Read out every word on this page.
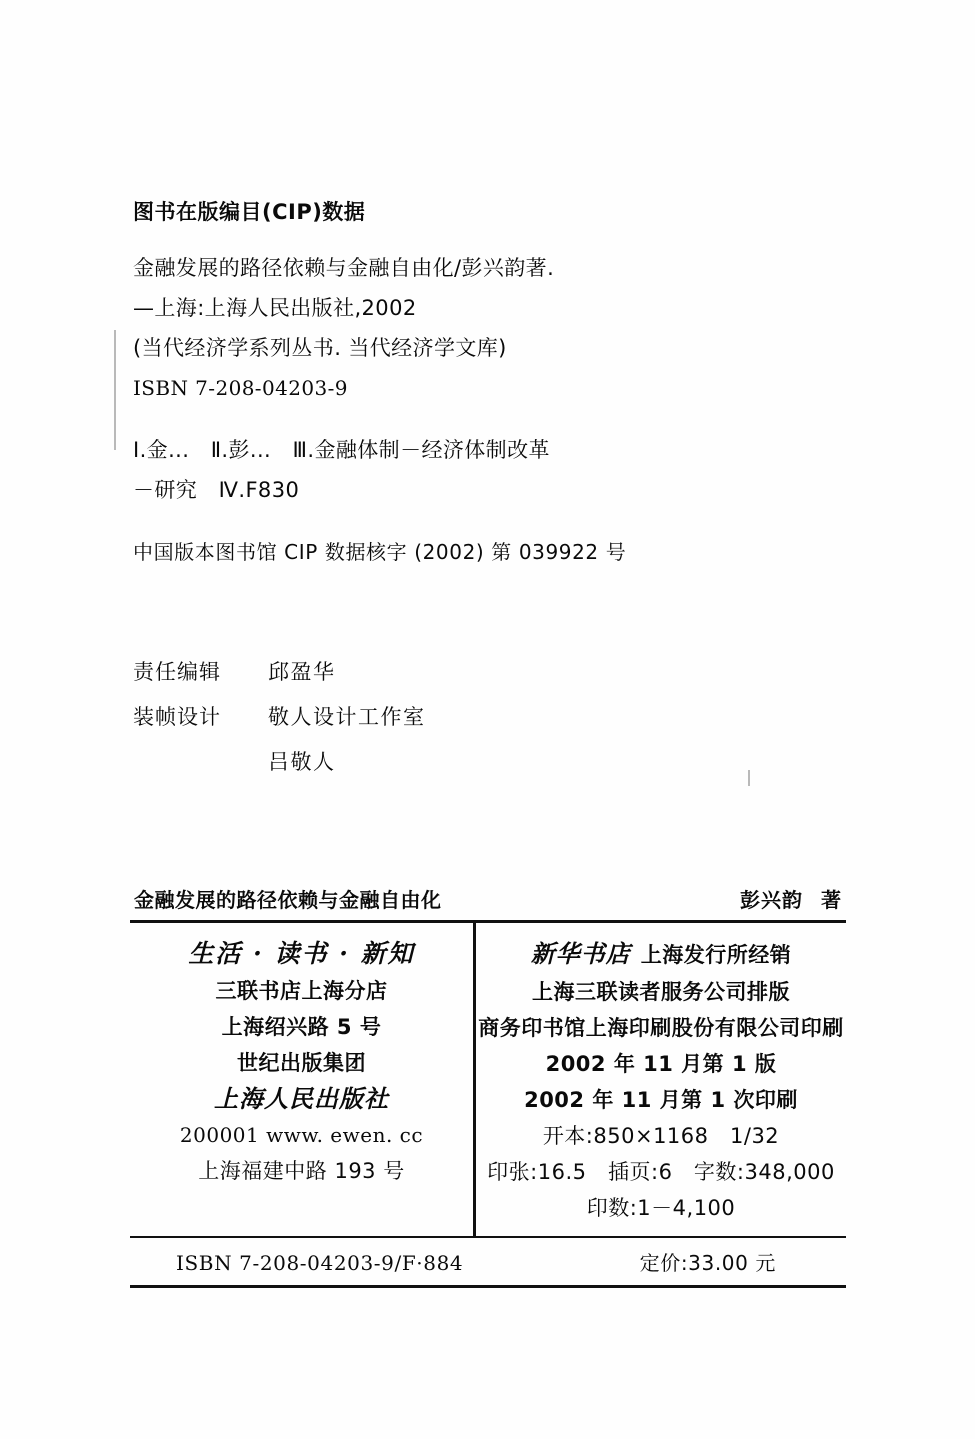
图书在版编目(CIP)数据
金融发展的路径依赖与金融自由化/彭兴韵著.
—上海:上海人民出版社,2002
(当代经济学系列丛书. 当代经济学文库)
ISBN 7-208-04203-9
Ⅰ.金...　Ⅱ.彭...　Ⅲ.金融体制－经济体制改革
－研究　Ⅳ.F830
中国版本图书馆 CIP 数据核字 (2002) 第 039922 号
责任编辑	邱盈华
装帧设计	敬人设计工作室
吕敬人
金融发展的路径依赖与金融自由化	彭兴韵 著
生活 · 读书 · 新知
三联书店上海分店
上海绍兴路 5 号
世纪出版集团
上海人民出版社
200001 www. ewen. cc
上海福建中路 193 号
新华书店 上海发行所经销
上海三联读者服务公司排版
商务印书馆上海印刷股份有限公司印刷
2002 年 11 月第 1 版
2002 年 11 月第 1 次印刷
开本:850×1168　1/32
印张:16.5　插页:6　字数:348,000
印数:1－4,100
ISBN 7-208-04203-9/F·884	定价:33.00 元
